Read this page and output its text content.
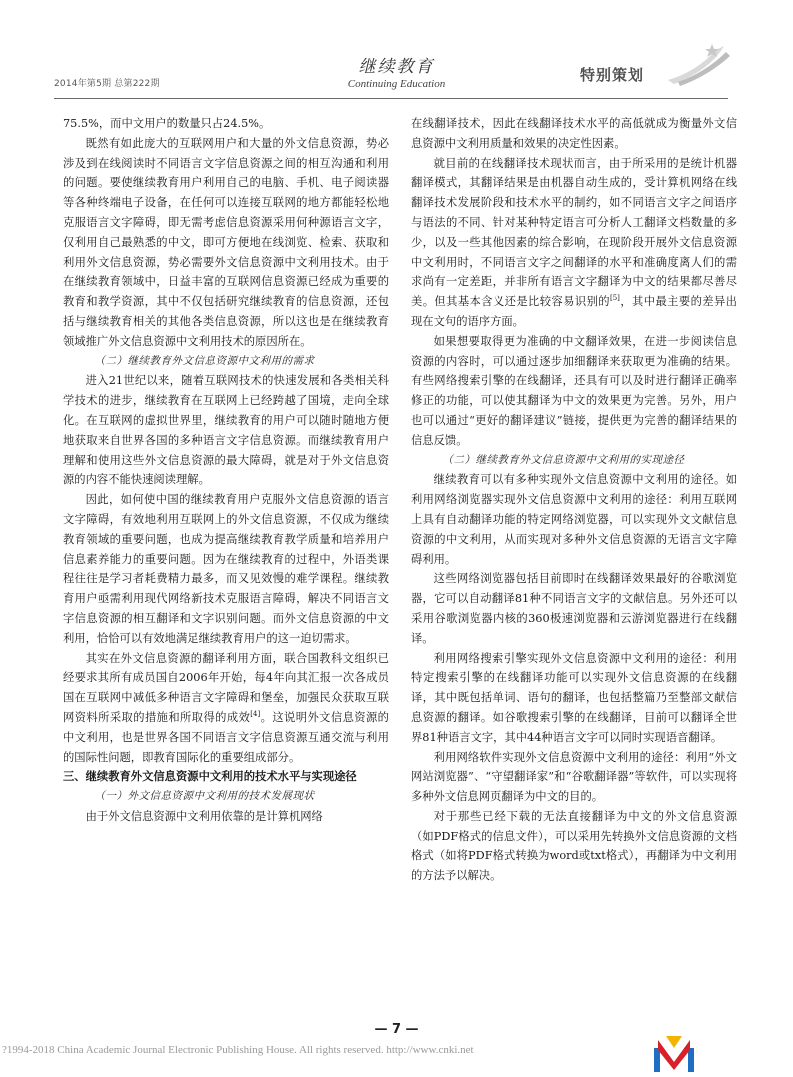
2014年第5期 总第222期
继续教育
Continuing Education	特别策划

75.5%，而中文用户的数量只占24.5%。

既然有如此庞大的互联网用户和大量的外文信息资源，势必涉及到在线阅读时不同语言文字信息资源之间的相互沟通和利用的问题。要使继续教育用户利用自己的电脑、手机、电子阅读器等各种终端电子设备，在任何可以连接互联网的地方都能轻松地克服语言文字障碍，即无需考虑信息资源采用何种源语言文字，仅利用自己最熟悉的中文，即可方便地在线浏览、检索、获取和利用外文信息资源，势必需要外文信息资源中文利用技术。由于在继续教育领域中，日益丰富的互联网信息资源已经成为重要的教育和教学资源，其中不仅包括研究继续教育的信息资源，还包括与继续教育相关的其他各类信息资源，所以这也是在继续教育领域推广外文信息资源中文利用技术的原因所在。

（二）继续教育外文信息资源中文利用的需求

进入21世纪以来，随着互联网技术的快速发展和各类相关科学技术的进步，继续教育在互联网上已经跨越了国境，走向全球化。在互联网的虚拟世界里，继续教育的用户可以随时随地方便地获取来自世界各国的多种语言文字信息资源。而继续教育用户理解和使用这些外文信息资源的最大障碍，就是对于外文信息资源的内容不能快速阅读理解。

因此，如何使中国的继续教育用户克服外文信息资源的语言文字障碍，有效地利用互联网上的外文信息资源，不仅成为继续教育领域的重要问题，也成为提高继续教育教学质量和培养用户信息素养能力的重要问题。因为在继续教育的过程中，外语类课程往往是学习者耗费精力最多，而又见效慢的难学课程。继续教育用户亟需利用现代网络新技术克服语言障碍，解决不同语言文字信息资源的相互翻译和文字识别问题。而外文信息资源的中文利用，恰恰可以有效地满足继续教育用户的这一迫切需求。

其实在外文信息资源的翻译利用方面，联合国教科文组织已经要求其所有成员国自2006年开始，每4年向其汇报一次各成员国在互联网中减低多种语言文字障碍和堡垒，加强民众获取互联网资料所采取的措施和所取得的成效[4]。这说明外文信息资源的中文利用，也是世界各国不同语言文字信息资源互通交流与利用的国际性问题，即教育国际化的重要组成部分。

三、继续教育外文信息资源中文利用的技术水平与实现途径
（一）外文信息资源中文利用的技术发展现状

由于外文信息资源中文利用依靠的是计算机网络

在线翻译技术，因此在线翻译技术水平的高低就成为衡量外文信息资源中文利用质量和效果的决定性因素。

就目前的在线翻译技术现状而言，由于所采用的是统计机器翻译模式，其翻译结果是由机器自动生成的，受计算机网络在线翻译技术发展阶段和技术水平的制约，如不同语言文字之间语序与语法的不同、针对某种特定语言可分析人工翻译文档数量的多少，以及一些其他因素的综合影响，在现阶段开展外文信息资源中文利用时，不同语言文字之间翻译的水平和准确度离人们的需求尚有一定差距，并非所有语言文字翻译为中文的结果都尽善尽美。但其基本含义还是比较容易识别的[5]，其中最主要的差异出现在文句的语序方面。

如果想要取得更为准确的中文翻译效果，在进一步阅读信息资源的内容时，可以通过逐步加细翻译来获取更为准确的结果。有些网络搜索引擎的在线翻译，还具有可以及时进行翻译正确率修正的功能，可以使其翻译为中文的效果更为完善。另外，用户也可以通过“更好的翻译建议”链接，提供更为完善的翻译结果的信息反馈。

（二）继续教育外文信息资源中文利用的实现途径

继续教育可以有多种实现外文信息资源中文利用的途径。如利用网络浏览器实现外文信息资源中文利用的途径：利用互联网上具有自动翻译功能的特定网络浏览器，可以实现外文文献信息资源的中文利用，从而实现对多种外文信息资源的无语言文字障碍利用。

这些网络浏览器包括目前即时在线翻译效果最好的谷歌浏览器，它可以自动翻译81种不同语言文字的文献信息。另外还可以采用谷歌浏览器内核的360极速浏览器和云游浏览器进行在线翻译。

利用网络搜索引擎实现外文信息资源中文利用的途径：利用特定搜索引擎的在线翻译功能可以实现外文信息资源的在线翻译，其中既包括单词、语句的翻译，也包括整篇乃至整部文献信息资源的翻译。如谷歌搜索引擎的在线翻译，目前可以翻译全世界81种语言文字，其中44种语言文字可以同时实现语音翻译。

利用网络软件实现外文信息资源中文利用的途径：利用“外文网站浏览器”、“守望翻译家”和“谷歌翻译器”等软件，可以实现将多种外文信息网页翻译为中文的目的。

对于那些已经下载的无法直接翻译为中文的外文信息资源（如PDF格式的信息文件），可以采用先转换外文信息资源的文档格式（如将PDF格式转换为word或txt格式），再翻译为中文利用的方法予以解决。

— 7 —
?1994-2018 China Academic Journal Electronic Publishing House. All rights reserved. http://www.cnki.net
